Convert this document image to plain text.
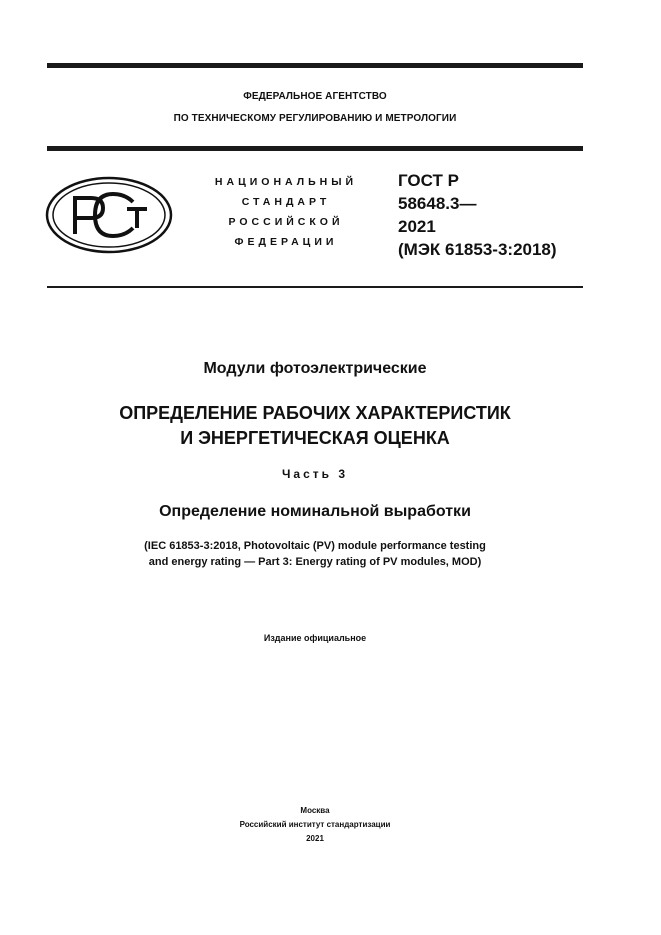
ФЕДЕРАЛЬНОЕ АГЕНТСТВО
ПО ТЕХНИЧЕСКОМУ РЕГУЛИРОВАНИЮ И МЕТРОЛОГИИ
НАЦИОНАЛЬНЫЙ
СТАНДАРТ
РОССИЙСКОЙ
ФЕДЕРАЦИИ
ГОСТ Р
58648.3—
2021
(МЭК 61853-3:2018)
Модули фотоэлектрические
ОПРЕДЕЛЕНИЕ РАБОЧИХ ХАРАКТЕРИСТИК
И ЭНЕРГЕТИЧЕСКАЯ ОЦЕНКА
Часть 3
Определение номинальной выработки
(IEC 61853-3:2018, Photovoltaic (PV) module performance testing
and energy rating — Part 3: Energy rating of PV modules, MOD)
Издание официальное
Москва
Российский институт стандартизации
2021
